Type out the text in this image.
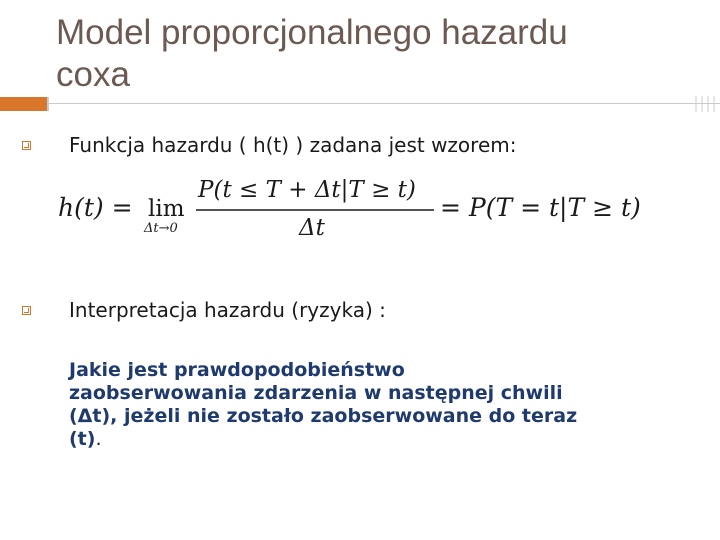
Model proporcjonalnego hazardu
coxa
Funkcja hazardu ( h(t) ) zadana jest wzorem:
h(t) = lim
Δt→0
P(t ≤ T + Δt|T ≥ t)
Δt
= P(T = t|T ≥ t)
Interpretacja hazardu (ryzyka) :
Jakie jest prawdopodobieństwo
zaobserwowania zdarzenia w następnej chwili
(Δt), jeżeli nie zostało zaobserwowane do teraz
(t).
